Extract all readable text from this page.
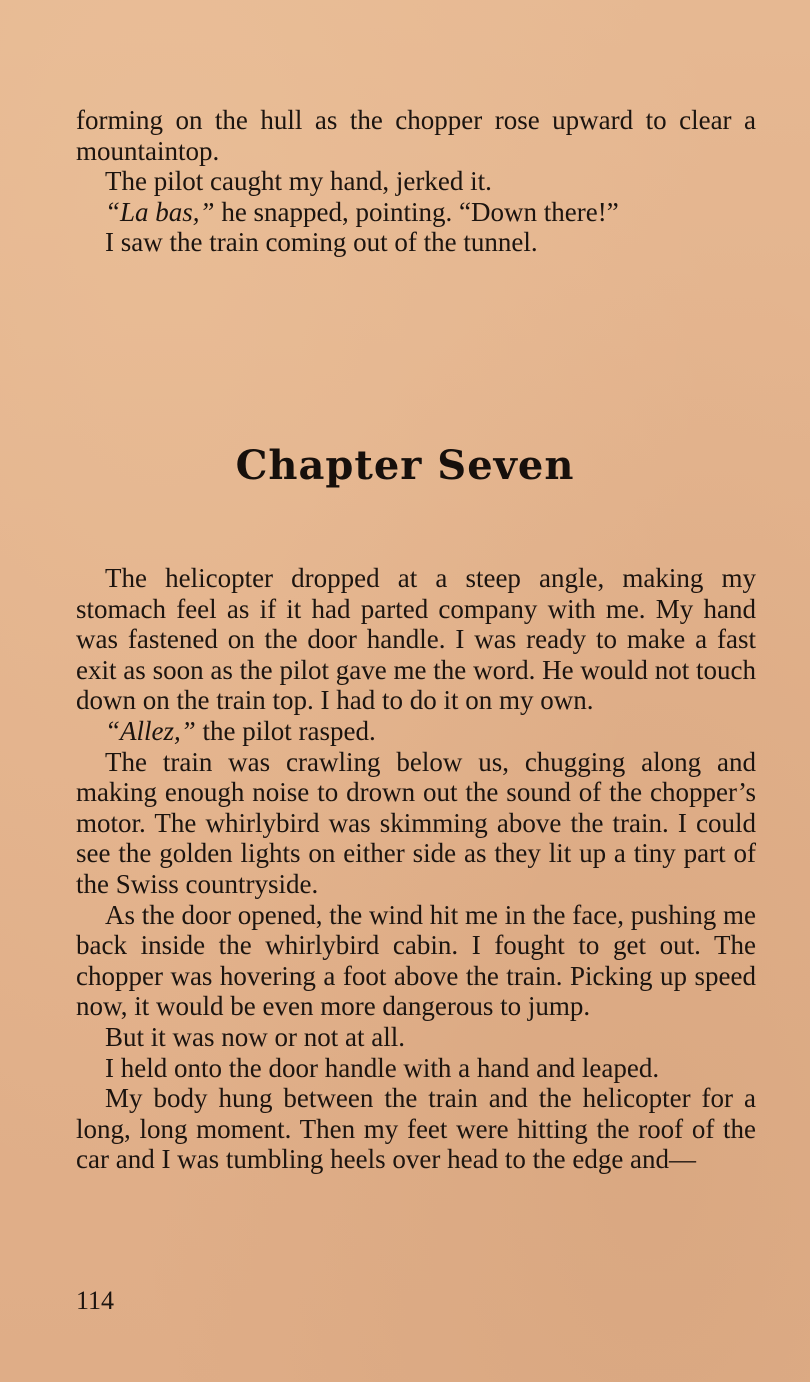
forming on the hull as the chopper rose upward to clear a mountaintop.

The pilot caught my hand, jerked it.

“La bas,” he snapped, pointing. “Down there!”

I saw the train coming out of the tunnel.

Chapter Seven

The helicopter dropped at a steep angle, making my stomach feel as if it had parted company with me. My hand was fastened on the door handle. I was ready to make a fast exit as soon as the pilot gave me the word. He would not touch down on the train top. I had to do it on my own.

“Allez,” the pilot rasped.

The train was crawling below us, chugging along and making enough noise to drown out the sound of the chopper’s motor. The whirlybird was skimming above the train. I could see the golden lights on either side as they lit up a tiny part of the Swiss countryside.

As the door opened, the wind hit me in the face, pushing me back inside the whirlybird cabin. I fought to get out. The chopper was hovering a foot above the train. Picking up speed now, it would be even more dangerous to jump.

But it was now or not at all.

I held onto the door handle with a hand and leaped.

My body hung between the train and the helicopter for a long, long moment. Then my feet were hitting the roof of the car and I was tumbling heels over head to the edge and—

114
